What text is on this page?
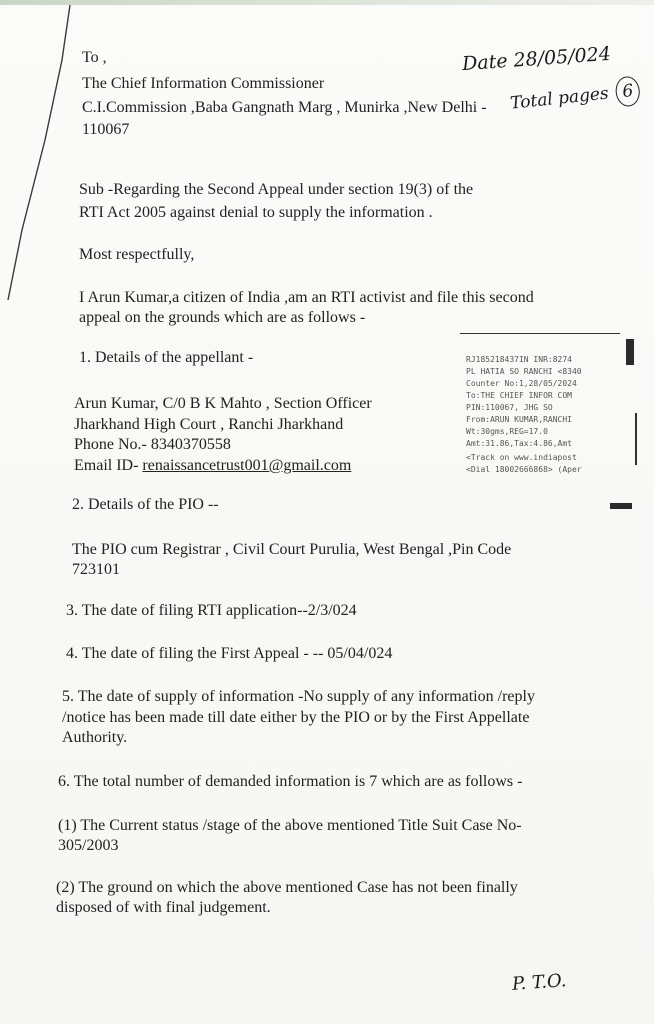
Date 28/05/024
Total pages 6
To ,
The Chief Information Commissioner
C.I.Commission ,Baba Gangnath Marg , Munirka ,New Delhi -
110067
Sub -Regarding the Second Appeal under section 19(3) of the
RTI Act 2005 against denial to supply the information .
Most respectfully,
I Arun Kumar,a citizen of India ,am an RTI activist and file this second
appeal on the grounds which are as follows -
1. Details of the appellant -
Arun Kumar, C/0 B K Mahto , Section Officer
Jharkhand High Court , Ranchi Jharkhand
Phone No.- 8340370558
Email ID- renaissancetrust001@gmail.com
RJ185218437IN INR:8274
PL HATIA SO RANCHI <8340
Counter No:1,28/05/2024
To:THE CHIEF INFOR COM
PIN:110067, JHG SO
From:ARUN KUMAR,RANCHI
Wt:30gms,REG=17.0
Amt:31.86,Tax:4.86,Amt
<Track on www.indiapost
<Dial 18002666868> (Aper
2. Details of the PIO --
The PIO cum Registrar , Civil Court Purulia, West Bengal ,Pin Code
723101
3. The date of filing RTI application--2/3/024
4. The date of filing the First Appeal - -- 05/04/024
5. The date of supply of information -No supply of any information /reply
/notice has been made till date either by the PIO or by the First Appellate
Authority.
6. The total number of demanded information is 7 which are as follows -
(1) The Current status /stage of the above mentioned Title Suit Case No-
305/2003
(2) The ground on which the above mentioned Case has not been finally
disposed of with final judgement.
P. T.O.
